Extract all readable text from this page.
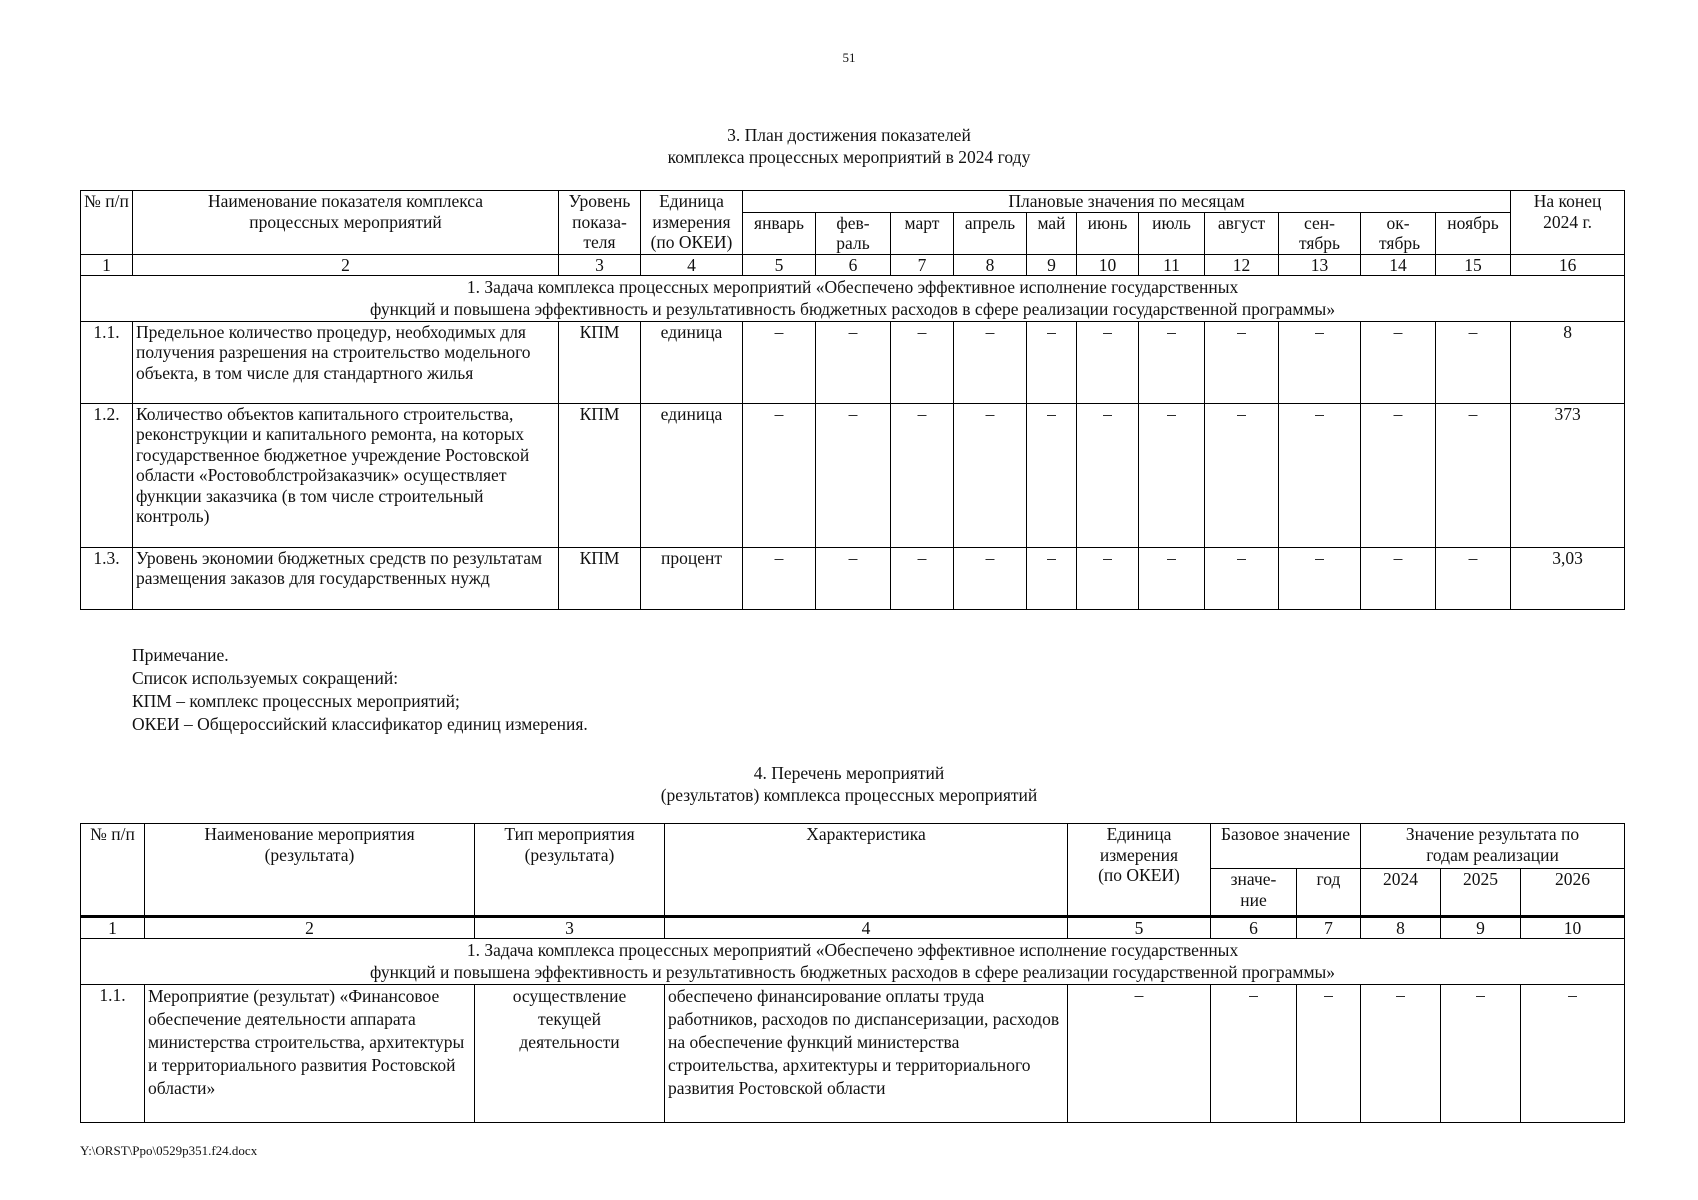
51
3. План достижения показателей
комплекса процессных мероприятий в 2024 году
№ п/п	Наименование показателя комплекса процессных мероприятий	Уровень показа-теля	Единица измерения (по ОКЕИ)	Плановые значения по месяцам											На конец 2024 г.
				январь	фев-раль	март	апрель	май	июнь	июль	август	сен-тябрь	ок-тябрь	ноябрь	
1	2	3	4	5	6	7	8	9	10	11	12	13	14	15	16

1. Задача комплекса процессных мероприятий «Обеспечено эффективное исполнение государственных
функций и повышена эффективность и результативность бюджетных расходов в сфере реализации государственной программы»															

1.1.	Предельное количество процедур, необходимых для получения разрешения на строительство модельного объекта, в том числе для стандартного жилья	КПМ	единица	–	–	–	–	–	–	–	–	–	–	–	8
1.2.	Количество объектов капитального строительства, реконструкции и капитального ремонта, на которых государственное бюджетное учреждение Ростовской области «Ростовоблстройзаказчик» осуществляет функции заказчика (в том числе строительный контроль)	КПМ	единица	–	–	–	–	–	–	–	–	–	–	–	373
1.3.	Уровень экономии бюджетных средств по результатам размещения заказов для государственных нужд	КПМ	процент	–	–	–	–	–	–	–	–	–	–	–	3,03
Примечание.
Список используемых сокращений:
КПМ – комплекс процессных мероприятий;
ОКЕИ – Общероссийский классификатор единиц измерения.
4. Перечень мероприятий
(результатов) комплекса процессных мероприятий
№ п/п	Наименование мероприятия (результата)	Тип мероприятия (результата)	Характеристика	Единица измерения (по ОКЕИ)	Базовое значение		Значение результата по годам реализации		
					значе-ние	год	2024	2025	2026
1	2	3	4	5	6	7	8	9	10

1. Задача комплекса процессных мероприятий «Обеспечено эффективное исполнение государственных
функций и повышена эффективность и результативность бюджетных расходов в сфере реализации государственной программы»									

1.1.	Мероприятие (результат) «Финансовое обеспечение деятельности аппарата министерства строительства, архитектуры и территориального развития Ростовской области»	осуществление текущей деятельности	обеспечено финансирование оплаты труда работников, расходов по диспансеризации, расходов на обеспечение функций министерства строительства, архитектуры и территориального развития Ростовской области	–	–	–	–	–	–
Y:\ORST\Ppo\0529p351.f24.docx
